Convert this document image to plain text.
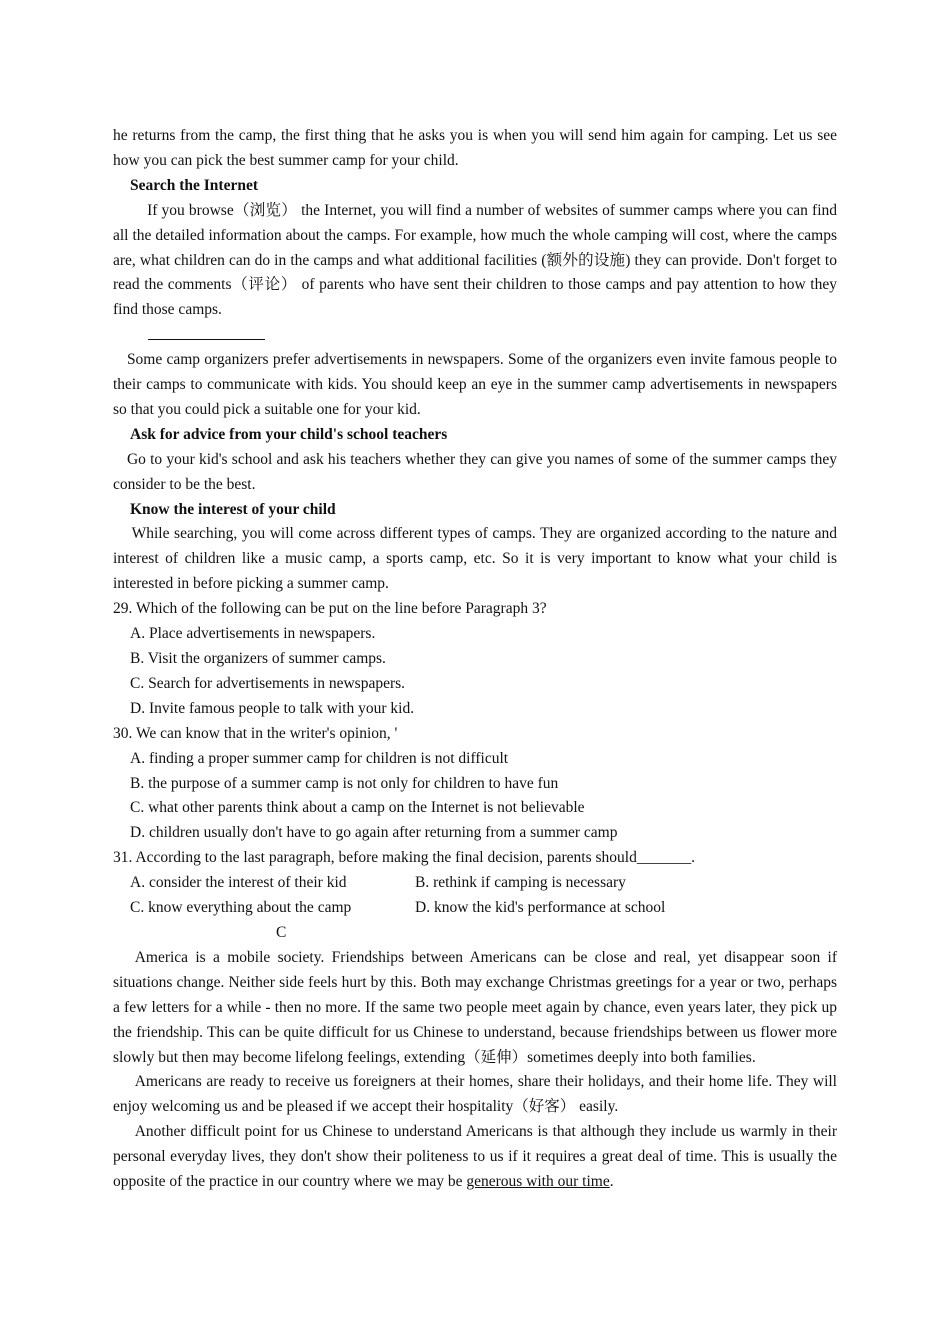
he returns from the camp, the first thing that he asks you is when you will send him again for camping. Let us see how you can pick the best summer camp for your child.

Search the Internet

If you browse（浏览） the Internet, you will find a number of websites of summer camps where you can find all the detailed information about the camps. For example, how much the whole camping will cost, where the camps are, what children can do in the camps and what additional facilities (额外的设施) they can provide. Don't forget to read the comments（评论） of parents who have sent their children to those camps and pay attention to how they find those camps.

Some camp organizers prefer advertisements in newspapers. Some of the organizers even invite famous people to their camps to communicate with kids. You should keep an eye in the summer camp advertisements in newspapers so that you could pick a suitable one for your kid.

Ask for advice from your child's school teachers

Go to your kid's school and ask his teachers whether they can give you names of some of the summer camps they consider to be the best.

Know the interest of your child

While searching, you will come across different types of camps. They are organized according to the nature and interest of children like a music camp, a sports camp, etc. So it is very important to know what your child is interested in before picking a summer camp.

29. Which of the following can be put on the line before Paragraph 3?

A. Place advertisements in newspapers.

B. Visit the organizers of summer camps.

C. Search for advertisements in newspapers.

D. Invite famous people to talk with your kid.

30. We can know that in the writer's opinion, '

A. finding a proper summer camp for children is not difficult

B. the purpose of a summer camp is not only for children to have fun

C. what other parents think about a camp on the Internet is not believable

D. children usually don't have to go again after returning from a summer camp

31. According to the last paragraph, before making the final decision, parents should_______.

A. consider the interest of their kid	B. rethink if camping is necessary
C. know everything about the camp	D. know the kid's performance at school

C

America is a mobile society. Friendships between Americans can be close and real, yet disappear soon if situations change. Neither side feels hurt by this. Both may exchange Christmas greetings for a year or two, perhaps a few letters for a while - then no more. If the same two people meet again by chance, even years later, they pick up the friendship. This can be quite difficult for us Chinese to understand, because friendships between us flower more slowly but then may become lifelong feelings, extending（延伸）sometimes deeply into both families.

Americans are ready to receive us foreigners at their homes, share their holidays, and their home life. They will enjoy welcoming us and be pleased if we accept their hospitality（好客） easily.

Another difficult point for us Chinese to understand Americans is that although they include us warmly in their personal everyday lives, they don't show their politeness to us if it requires a great deal of time. This is usually the opposite of the practice in our country where we may be generous with our time.
